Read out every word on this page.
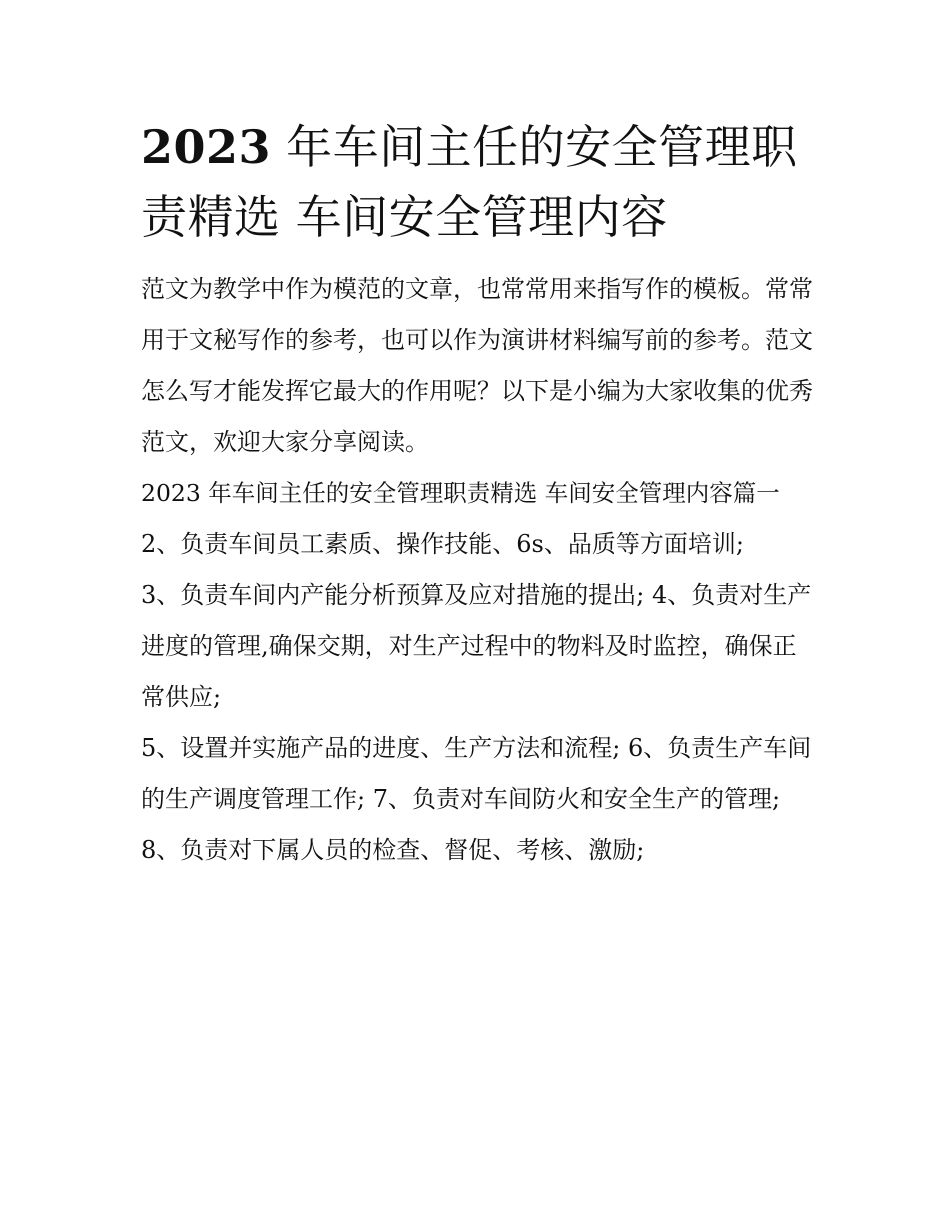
2023 年车间主任的安全管理职责精选 车间安全管理内容

范文为教学中作为模范的文章，也常常用来指写作的模板。常常用于文秘写作的参考，也可以作为演讲材料编写前的参考。范文怎么写才能发挥它最大的作用呢？以下是小编为大家收集的优秀范文，欢迎大家分享阅读。

2023 年车间主任的安全管理职责精选 车间安全管理内容篇一

2、负责车间员工素质、操作技能、6s、品质等方面培训;

3、负责车间内产能分析预算及应对措施的提出; 4、负责对生产进度的管理,确保交期，对生产过程中的物料及时监控，确保正常供应;

5、设置并实施产品的进度、生产方法和流程; 6、负责生产车间的生产调度管理工作; 7、负责对车间防火和安全生产的管理;

8、负责对下属人员的检查、督促、考核、激励;
